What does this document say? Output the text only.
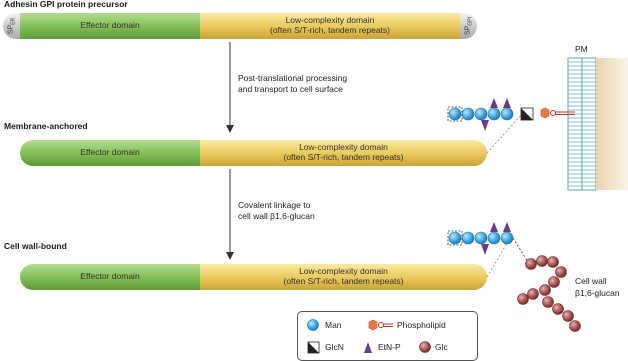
Adhesin GPI protein precursor
Membrane-anchored
Cell wall-bound
$SP_{ER}$	Effector domain	Low-complexity domain
(often S/T-rich, tandem repeats)	$SP_{GPI}$
Effector domain	Low-complexity domain
(often S/T-rich, tandem repeats)
Effector domain	Low-complexity domain
(often S/T-rich, tandem repeats)
Post-translational processing
and transport to cell surface
Covalent linkage to
cell wall β1,6-glucan
PM
Cell wall
β1,6-glucan
Man	Phospholipid
GlcN	EtN-P	Glc
